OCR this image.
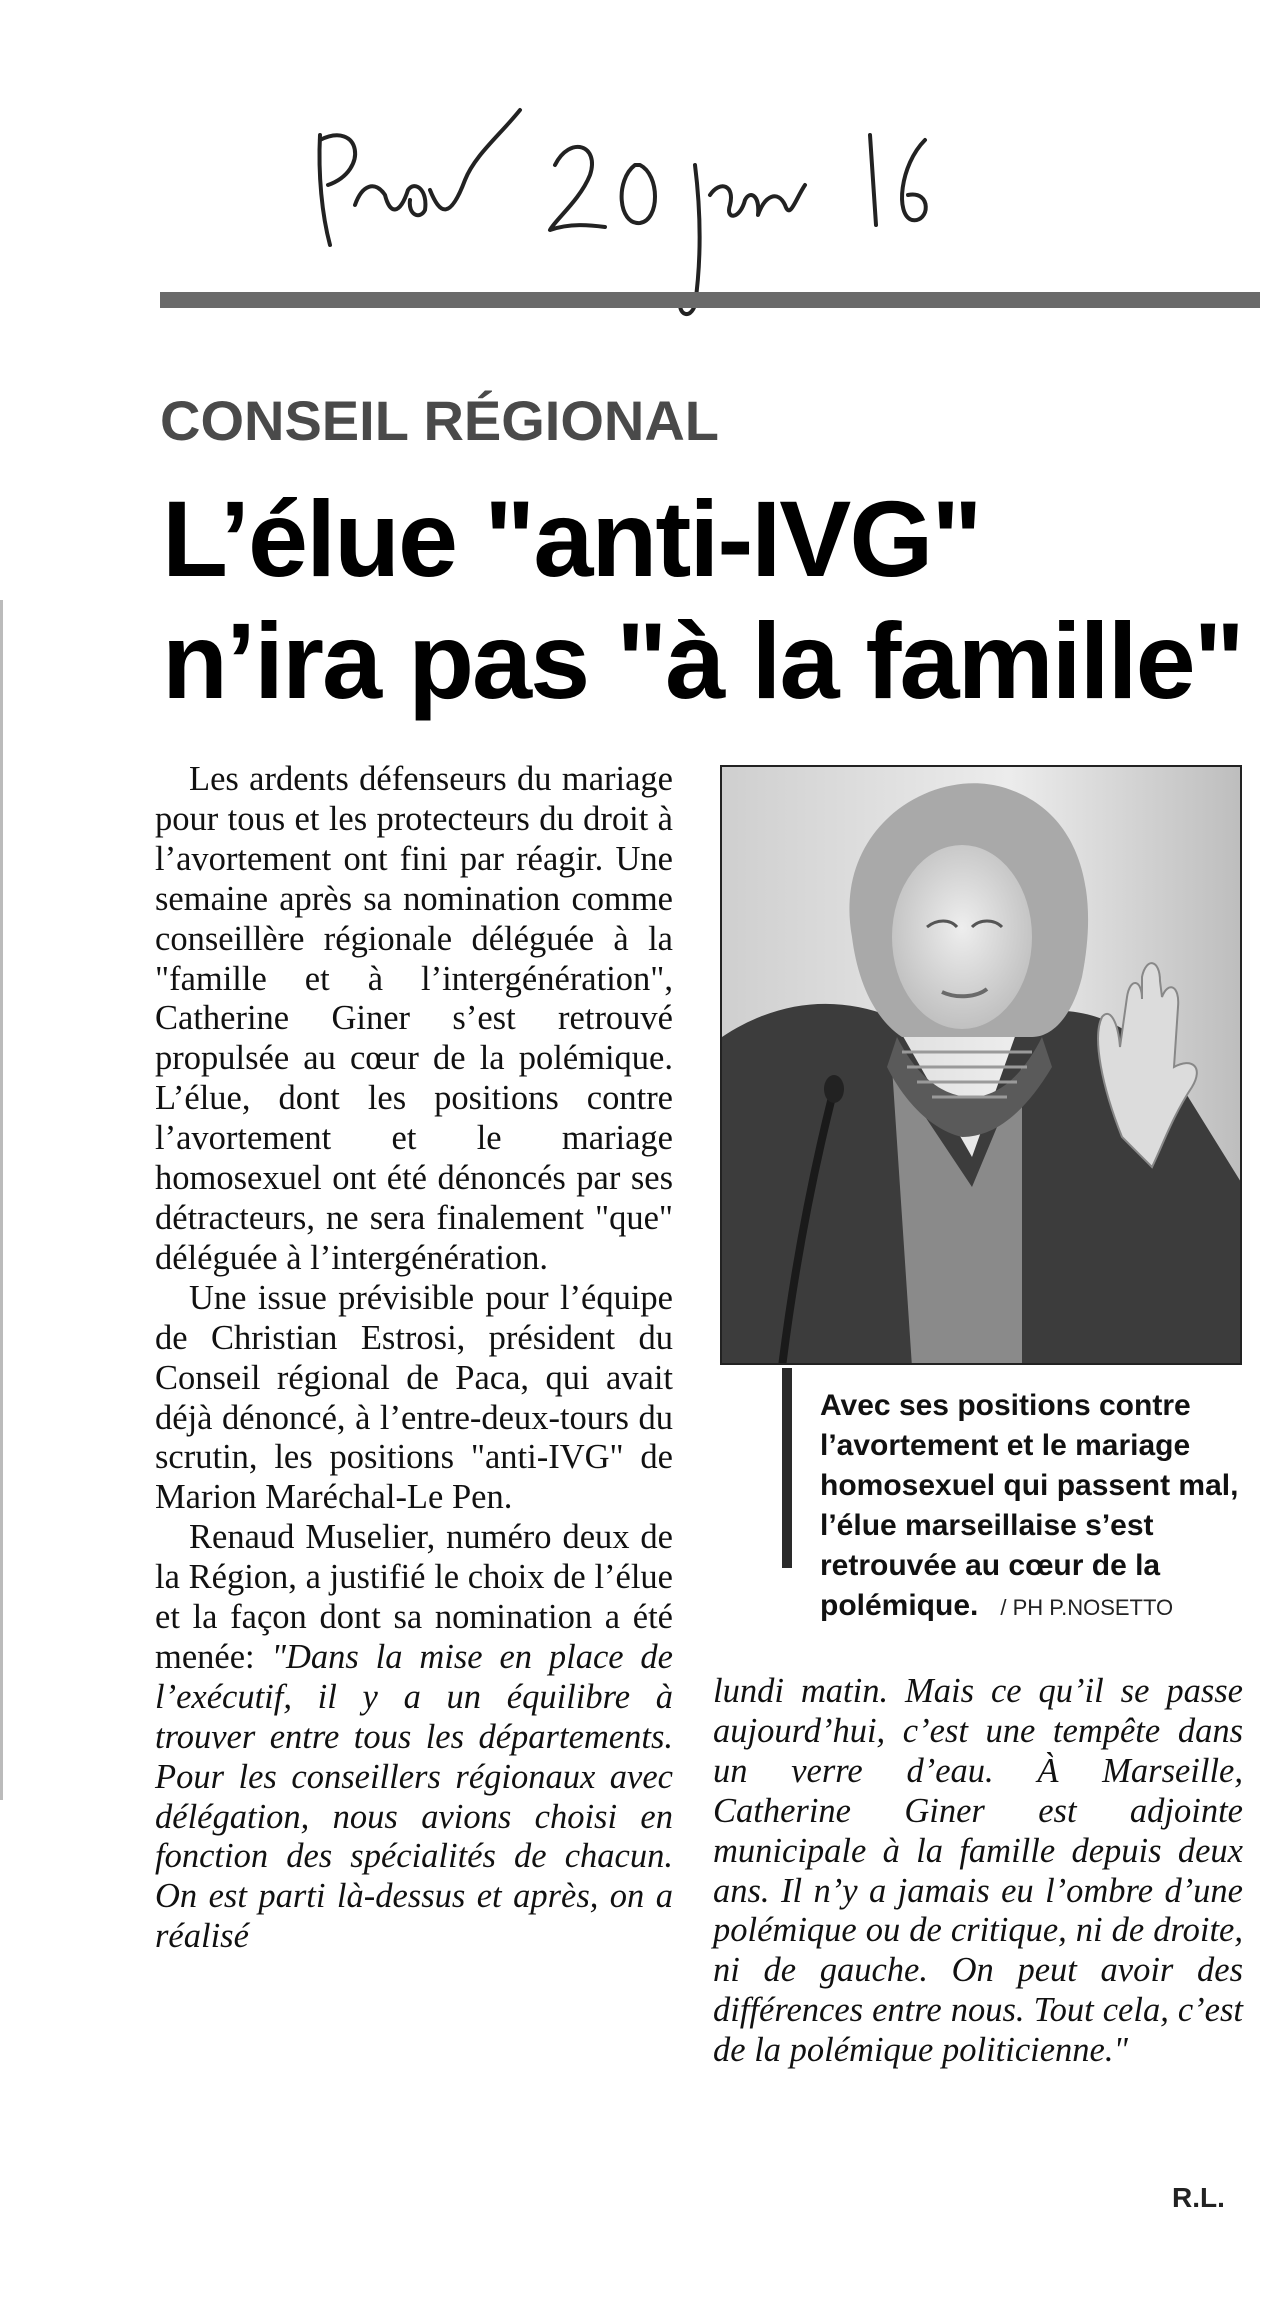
CONSEIL RÉGIONAL
L’élue "anti-IVG"
n’ira pas "à la famille"

Les ardents défenseurs du mariage pour tous et les protecteurs du droit à l’avortement ont fini par réagir. Une semaine après sa nomination comme conseillère régionale déléguée à la "famille et à l’intergénération", Catherine Giner s’est retrouvé propulsée au cœur de la polémique. L’élue, dont les positions contre l’avortement et le mariage homosexuel ont été dénoncés par ses détracteurs, ne sera finalement "que" déléguée à l’intergénération.

Une issue prévisible pour l’équipe de Christian Estrosi, président du Conseil régional de Paca, qui avait déjà dénoncé, à l’entre-deux-tours du scrutin, les positions "anti-IVG" de Marion Maréchal-Le Pen.

Renaud Muselier, numéro deux de la Région, a justifié le choix de l’élue et la façon dont sa nomination a été menée: "Dans la mise en place de l’exécutif, il y a un équilibre à trouver entre tous les départements. Pour les conseillers régionaux avec délégation, nous avions choisi en fonction des spécialités de chacun. On est parti là-dessus et après, on a réalisé

Avec ses positions contre l’avortement et le mariage homosexuel qui passent mal, l’élue marseillaise s’est retrouvée au cœur de la polémique. / PH P.NOSETTO

lundi matin. Mais ce qu’il se passe aujourd’hui, c’est une tempête dans un verre d’eau. À Marseille, Catherine Giner est adjointe municipale à la famille depuis deux ans. Il n’y a jamais eu l’ombre d’une polémique ou de critique, ni de droite, ni de gauche. On peut avoir des différences entre nous. Tout cela, c’est de la polémique politicienne."

R.L.
